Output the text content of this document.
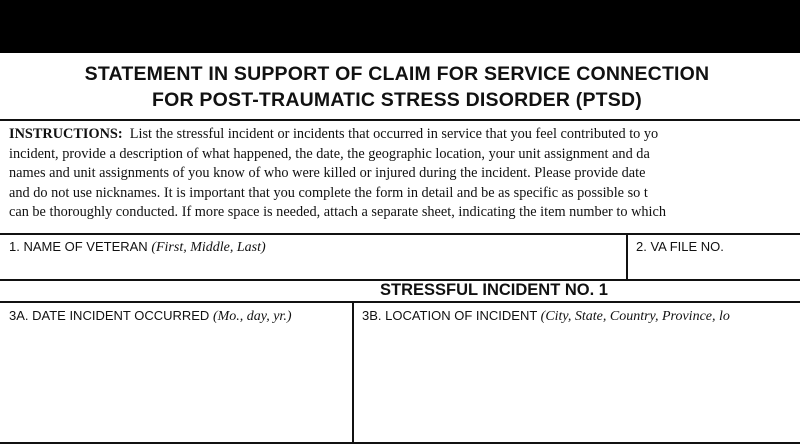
STATEMENT IN SUPPORT OF CLAIM FOR SERVICE CONNECTION
FOR POST-TRAUMATIC STRESS DISORDER (PTSD)
INSTRUCTIONS:  List the stressful incident or incidents that occurred in service that you feel contributed to yo
incident, provide a description of what happened, the date, the geographic location, your unit assignment and da
names and unit assignments of you know of who were killed or injured during the incident. Please provide date
and do not use nicknames. It is important that you complete the form in detail and be as specific as possible so t
can be thoroughly conducted. If more space is needed, attach a separate sheet, indicating the item number to which
1. NAME OF VETERAN (First, Middle, Last)	2. VA FILE NO.
STRESSFUL INCIDENT NO. 1
3A. DATE INCIDENT OCCURRED (Mo., day, yr.)	3B. LOCATION OF INCIDENT (City, State, Country, Province, lo
